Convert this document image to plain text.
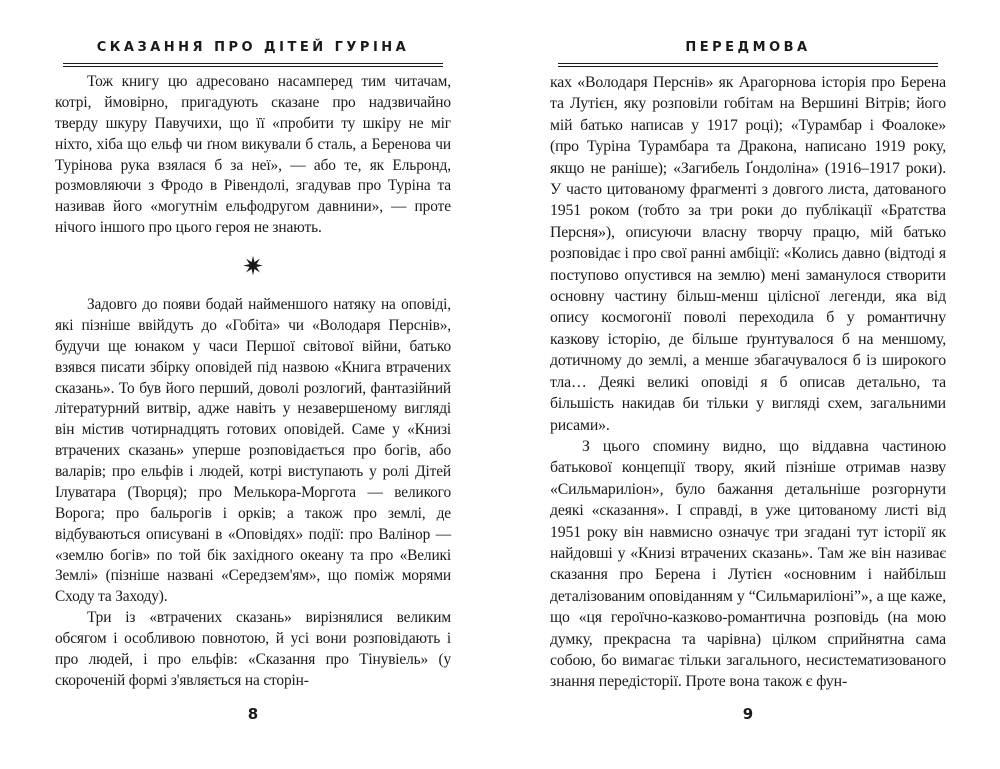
СКАЗАННЯ ПРО ДІТЕЙ ГУРІНА

Тож книгу цю адресовано насамперед тим читачам, котрі, ймовірно, пригадують сказане про надзвичайно тверду шкуру Павучихи, що її «пробити ту шкіру не міг ніхто, хіба що ельф чи ґном викували б сталь, а Беренова чи Турінова рука взялася б за неї», — або те, як Ельронд, розмовляючи з Фродо в Рівендолі, згадував про Туріна та називав його «могутнім ельфодругом давнини», — проте нічого іншого про цього героя не знають.

✷

Задовго до появи бодай найменшого натяку на оповіді, які пізніше ввійдуть до «Гобіта» чи «Володаря Перснів», будучи ще юнаком у часи Першої світової війни, батько взявся писати збірку оповідей під назвою «Книга втрачених сказань». То був його перший, доволі розлогий, фантазійний літературний витвір, адже навіть у незавершеному вигляді він містив чотирнадцять готових оповідей. Саме у «Книзі втрачених сказань» уперше розповідається про богів, або валарів; про ельфів і людей, котрі виступають у ролі Дітей Ілуватара (Творця); про Мелькора-Моргота — великого Ворога; про бальрогів і орків; а також про землі, де відбуваються описувані в «Оповідях» події: про Валінор — «землю богів» по той бік західного океану та про «Великі Землі» (пізніше названі «Середзем'ям», що поміж морями Сходу та Заходу).

Три із «втрачених сказань» вирізнялися великим обсягом і особливою повнотою, й усі вони розповідають і про людей, і про ельфів: «Сказання про Тінувіель» (у скороченій формі з'являється на сторін-

8
ПЕРЕДМОВА

ках «Володаря Перснів» як Арагорнова історія про Берена та Лутієн, яку розповіли гобітам на Вершині Вітрів; його мій батько написав у 1917 році); «Турамбар і Фоалоке» (про Туріна Турамбара та Дракона, написано 1919 року, якщо не раніше); «Загибель Ґондоліна» (1916–1917 роки). У часто цитованому фрагменті з довгого листа, датованого 1951 роком (тобто за три роки до публікації «Братства Персня»), описуючи власну творчу працю, мій батько розповідає і про свої ранні амбіції: «Колись давно (відтоді я поступово опустився на землю) мені заманулося створити основну частину більш-менш цілісної легенди, яка від опису космогонії поволі переходила б у романтичну казкову історію, де більше ґрунтувалося б на меншому, дотичному до землі, а менше збагачувалося б із широкого тла… Деякі великі оповіді я б описав детально, та більшість накидав би тільки у вигляді схем, загальними рисами».

З цього спомину видно, що віддавна частиною батькової концепції твору, який пізніше отримав назву «Сильмариліон», було бажання детальніше розгорнути деякі «сказання». І справді, в уже цитованому листі від 1951 року він навмисно означує три згадані тут історії як найдовші у «Книзі втрачених сказань». Там же він називає сказання про Берена і Лутієн «основним і найбільш деталізованим оповіданням у “Сильмариліоні”», а ще каже, що «ця героїчно-казково-романтична розповідь (на мою думку, прекрасна та чарівна) цілком сприйнятна сама собою, бо вимагає тільки загального, несистематизованого знання передісторії. Проте вона також є фун-

9
